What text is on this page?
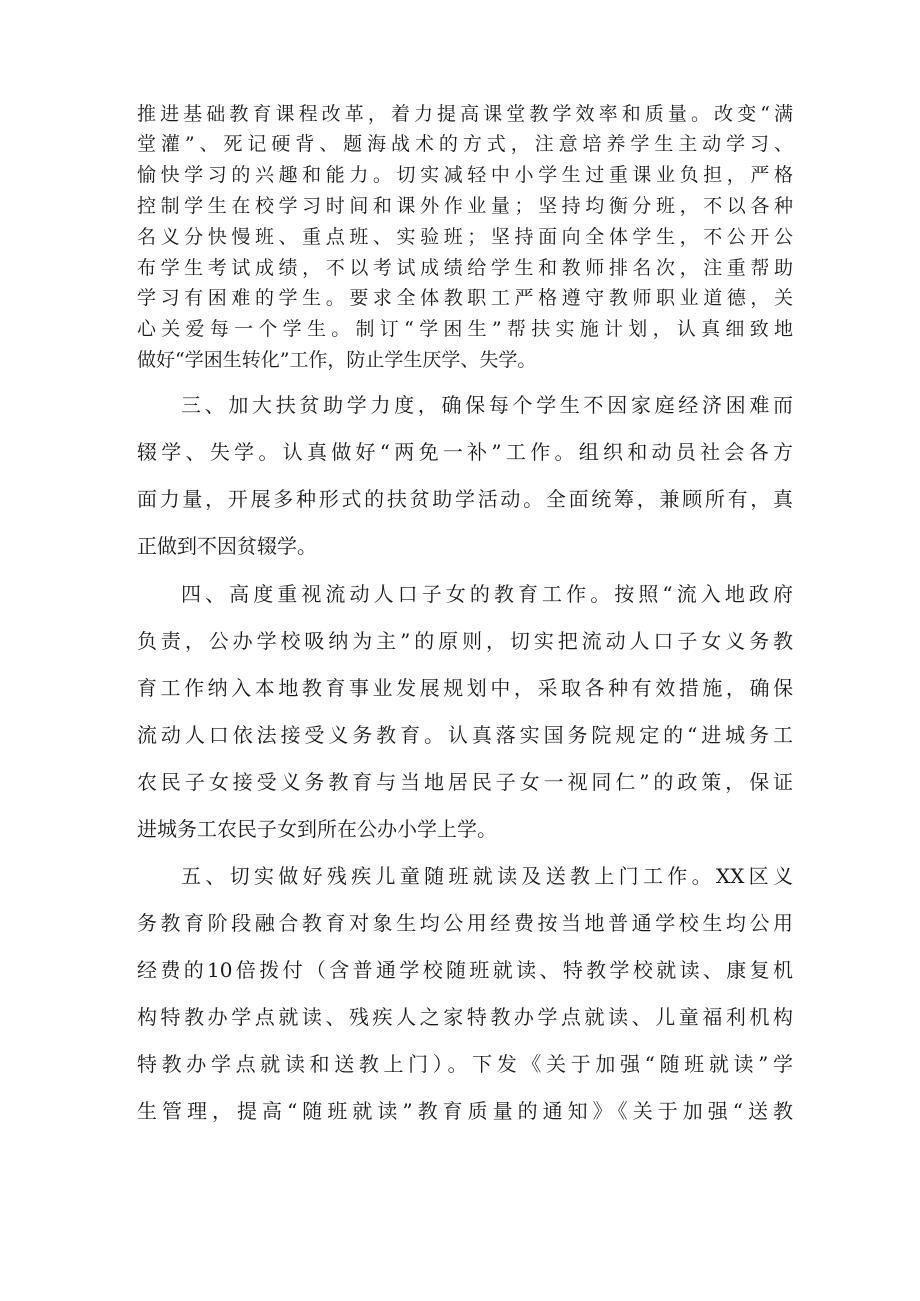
推进基础教育课程改革，着力提高课堂教学效率和质量。改变“满

堂灌”、死记硬背、题海战术的方式，注意培养学生主动学习、

愉快学习的兴趣和能力。切实减轻中小学生过重课业负担，严格

控制学生在校学习时间和课外作业量；坚持均衡分班，不以各种

名义分快慢班、重点班、实验班；坚持面向全体学生，不公开公

布学生考试成绩，不以考试成绩给学生和教师排名次，注重帮助

学习有困难的学生。要求全体教职工严格遵守教师职业道德，关

心关爱每一个学生。制订“学困生”帮扶实施计划，认真细致地

做好“学困生转化”工作，防止学生厌学、失学。

三、加大扶贫助学力度，确保每个学生不因家庭经济困难而

辍学、失学。认真做好“两免一补”工作。组织和动员社会各方

面力量，开展多种形式的扶贫助学活动。全面统筹，兼顾所有，真

正做到不因贫辍学。

四、高度重视流动人口子女的教育工作。按照“流入地政府

负责，公办学校吸纳为主”的原则，切实把流动人口子女义务教

育工作纳入本地教育事业发展规划中，采取各种有效措施，确保

流动人口依法接受义务教育。认真落实国务院规定的“进城务工

农民子女接受义务教育与当地居民子女一视同仁”的政策，保证

进城务工农民子女到所在公办小学上学。

五、切实做好残疾儿童随班就读及送教上门工作。XX区义

务教育阶段融合教育对象生均公用经费按当地普通学校生均公用

经费的10倍拨付（含普通学校随班就读、特教学校就读、康复机

构特教办学点就读、残疾人之家特教办学点就读、儿童福利机构

特教办学点就读和送教上门）。下发《关于加强“随班就读”学

生管理，提高“随班就读”教育质量的通知》《关于加强“送教
